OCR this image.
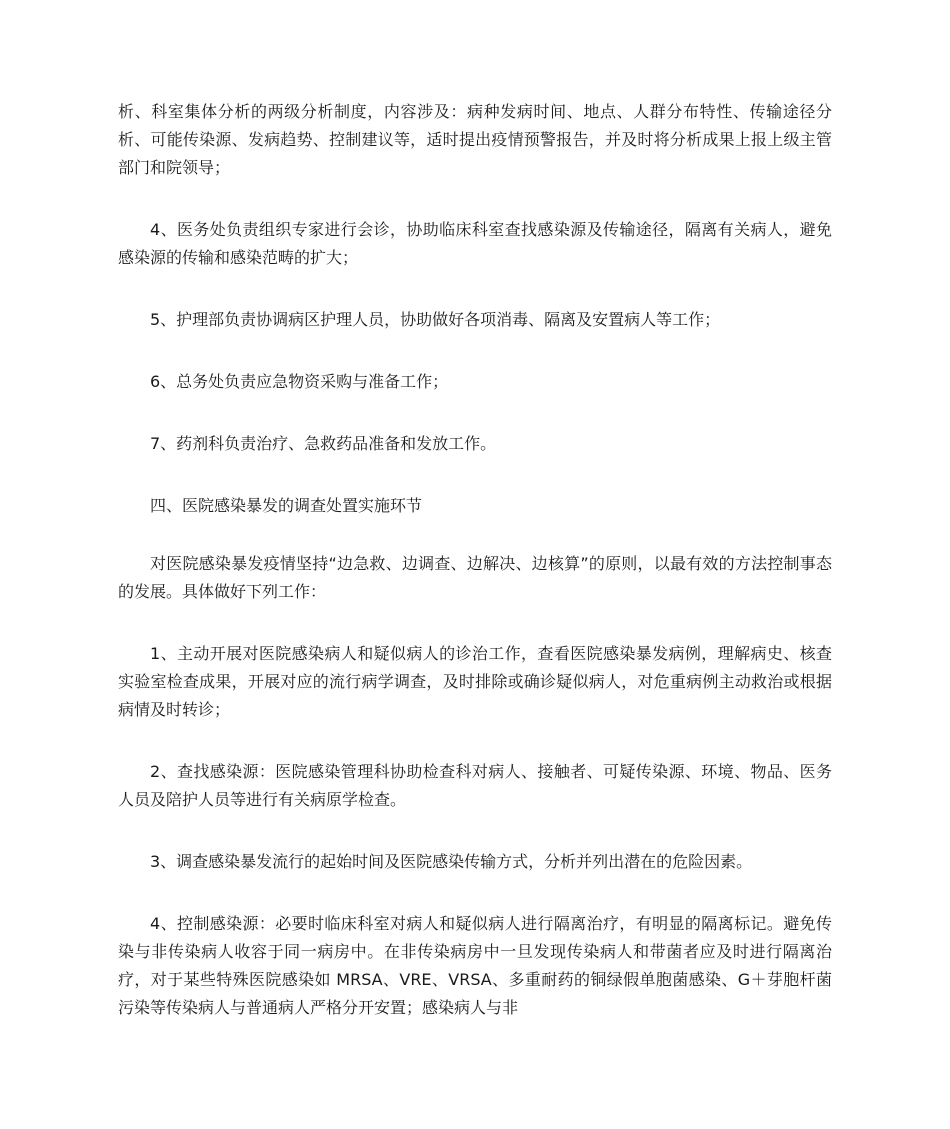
析、科室集体分析的两级分析制度，内容涉及：病种发病时间、地点、人群分布特性、传输途径分析、可能传染源、发病趋势、控制建议等，适时提出疫情预警报告，并及时将分析成果上报上级主管部门和院领导；

4、医务处负责组织专家进行会诊，协助临床科室查找感染源及传输途径，隔离有关病人，避免感染源的传输和感染范畴的扩大；

5、护理部负责协调病区护理人员，协助做好各项消毒、隔离及安置病人等工作；

6、总务处负责应急物资采购与准备工作；

7、药剂科负责治疗、急救药品准备和发放工作。

四、医院感染暴发的调查处置实施环节

对医院感染暴发疫情坚持“边急救、边调查、边解决、边核算”的原则，以最有效的方法控制事态的发展。具体做好下列工作：

1、主动开展对医院感染病人和疑似病人的诊治工作，查看医院感染暴发病例，理解病史、核查实验室检查成果，开展对应的流行病学调查，及时排除或确诊疑似病人，对危重病例主动救治或根据病情及时转诊；

2、查找感染源：医院感染管理科协助检查科对病人、接触者、可疑传染源、环境、物品、医务人员及陪护人员等进行有关病原学检查。

3、调查感染暴发流行的起始时间及医院感染传输方式，分析并列出潜在的危险因素。

4、控制感染源：必要时临床科室对病人和疑似病人进行隔离治疗，有明显的隔离标记。避免传染与非传染病人收容于同一病房中。在非传染病房中一旦发现传染病人和带菌者应及时进行隔离治疗，对于某些特殊医院感染如 MRSA、VRE、VRSA、多重耐药的铜绿假单胞菌感染、G＋芽胞杆菌污染等传染病人与普通病人严格分开安置；感染病人与非
